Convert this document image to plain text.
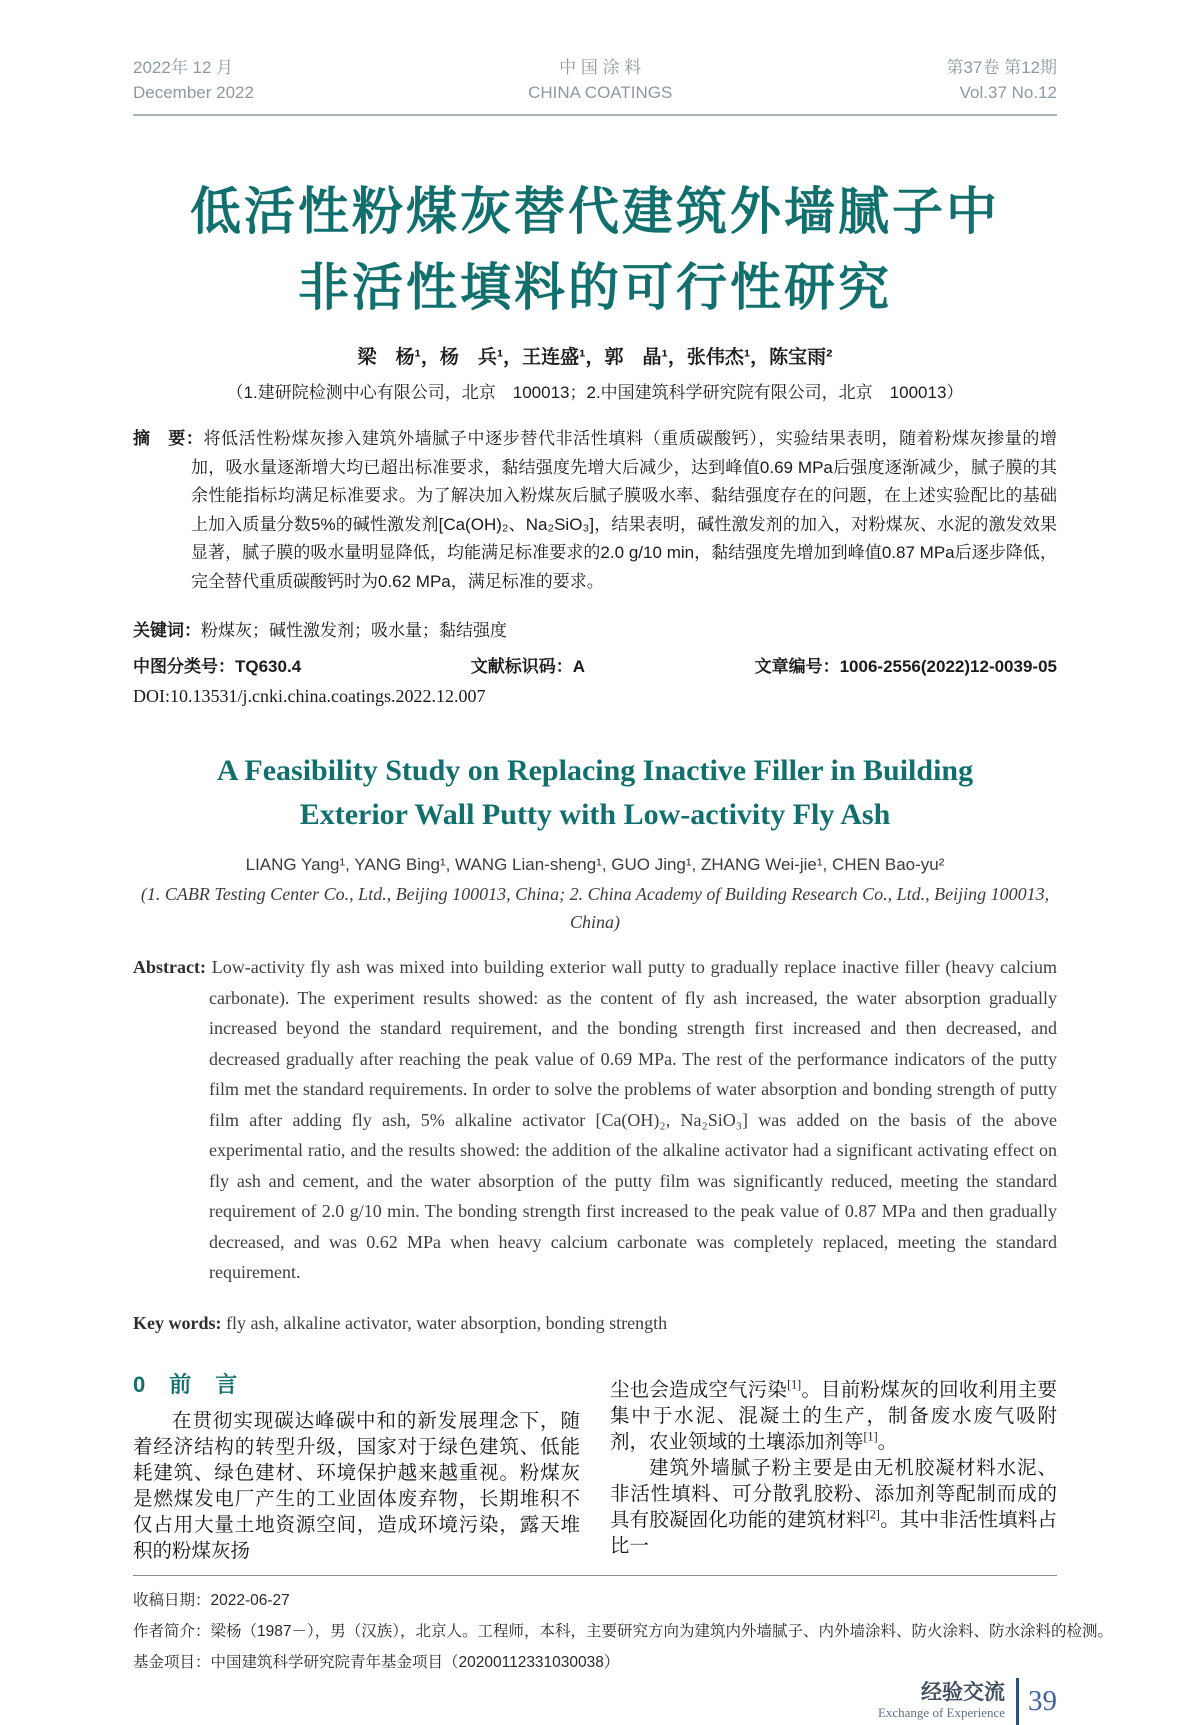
2022年 12 月
December 2022
中 国 涂 料
CHINA COATINGS
第37卷 第12期
Vol.37 No.12
低活性粉煤灰替代建筑外墙腻子中
非活性填料的可行性研究
梁　杨¹，杨　兵¹，王连盛¹，郭　晶¹，张伟杰¹，陈宝雨²
（1.建研院检测中心有限公司，北京　100013；2.中国建筑科学研究院有限公司，北京　100013）

摘　要：将低活性粉煤灰掺入建筑外墙腻子中逐步替代非活性填料（重质碳酸钙），实验结果表明，随着粉煤灰掺量的增加，吸水量逐渐增大均已超出标准要求，黏结强度先增大后减少，达到峰值0.69 MPa后强度逐渐减少，腻子膜的其余性能指标均满足标准要求。为了解决加入粉煤灰后腻子膜吸水率、黏结强度存在的问题，在上述实验配比的基础上加入质量分数5%的碱性激发剂[Ca(OH)₂、Na₂SiO₃]，结果表明，碱性激发剂的加入，对粉煤灰、水泥的激发效果显著，腻子膜的吸水量明显降低，均能满足标准要求的2.0 g/10 min，黏结强度先增加到峰值0.87 MPa后逐步降低，完全替代重质碳酸钙时为0.62 MPa，满足标准的要求。

关键词：粉煤灰；碱性激发剂；吸水量；黏结强度
中图分类号：TQ630.4	文献标识码：A	文章编号：1006-2556(2022)12-0039-05
DOI:10.13531/j.cnki.china.coatings.2022.12.007
A Feasibility Study on Replacing Inactive Filler in Building
Exterior Wall Putty with Low-activity Fly Ash
LIANG Yang¹, YANG Bing¹, WANG Lian-sheng¹, GUO Jing¹, ZHANG Wei-jie¹, CHEN Bao-yu²
(1. CABR Testing Center Co., Ltd., Beijing 100013, China; 2. China Academy of Building Research Co., Ltd., Beijing 100013, China)

Abstract: Low-activity fly ash was mixed into building exterior wall putty to gradually replace inactive filler (heavy calcium carbonate). The experiment results showed: as the content of fly ash increased, the water absorption gradually increased beyond the standard requirement, and the bonding strength first increased and then decreased, and decreased gradually after reaching the peak value of 0.69 MPa. The rest of the performance indicators of the putty film met the standard requirements. In order to solve the problems of water absorption and bonding strength of putty film after adding fly ash, 5% alkaline activator [Ca(OH)₂, Na₂SiO₃] was added on the basis of the above experimental ratio, and the results showed: the addition of the alkaline activator had a significant activating effect on fly ash and cement, and the water absorption of the putty film was significantly reduced, meeting the standard requirement of 2.0 g/10 min. The bonding strength first increased to the peak value of 0.87 MPa and then gradually decreased, and was 0.62 MPa when heavy calcium carbonate was completely replaced, meeting the standard requirement.

Key words: fly ash, alkaline activator, water absorption, bonding strength
0　前　言

在贯彻实现碳达峰碳中和的新发展理念下，随着经济结构的转型升级，国家对于绿色建筑、低能耗建筑、绿色建材、环境保护越来越重视。粉煤灰是燃煤发电厂产生的工业固体废弃物，长期堆积不仅占用大量土地资源空间，造成环境污染，露天堆积的粉煤灰扬

尘也会造成空气污染[1]。目前粉煤灰的回收利用主要集中于水泥、混凝土的生产，制备废水废气吸附剂，农业领域的土壤添加剂等[1]。

建筑外墙腻子粉主要是由无机胶凝材料水泥、非活性填料、可分散乳胶粉、添加剂等配制而成的具有胶凝固化功能的建筑材料[2]。其中非活性填料占比一

收稿日期：2022-06-27
作者简介：梁杨（1987－），男（汉族），北京人。工程师，本科，主要研究方向为建筑内外墙腻子、内外墙涂料、防火涂料、防水涂料的检测。
基金项目：中国建筑科学研究院青年基金项目（20200112331030038）
经验交流
Exchange of Experience 39
